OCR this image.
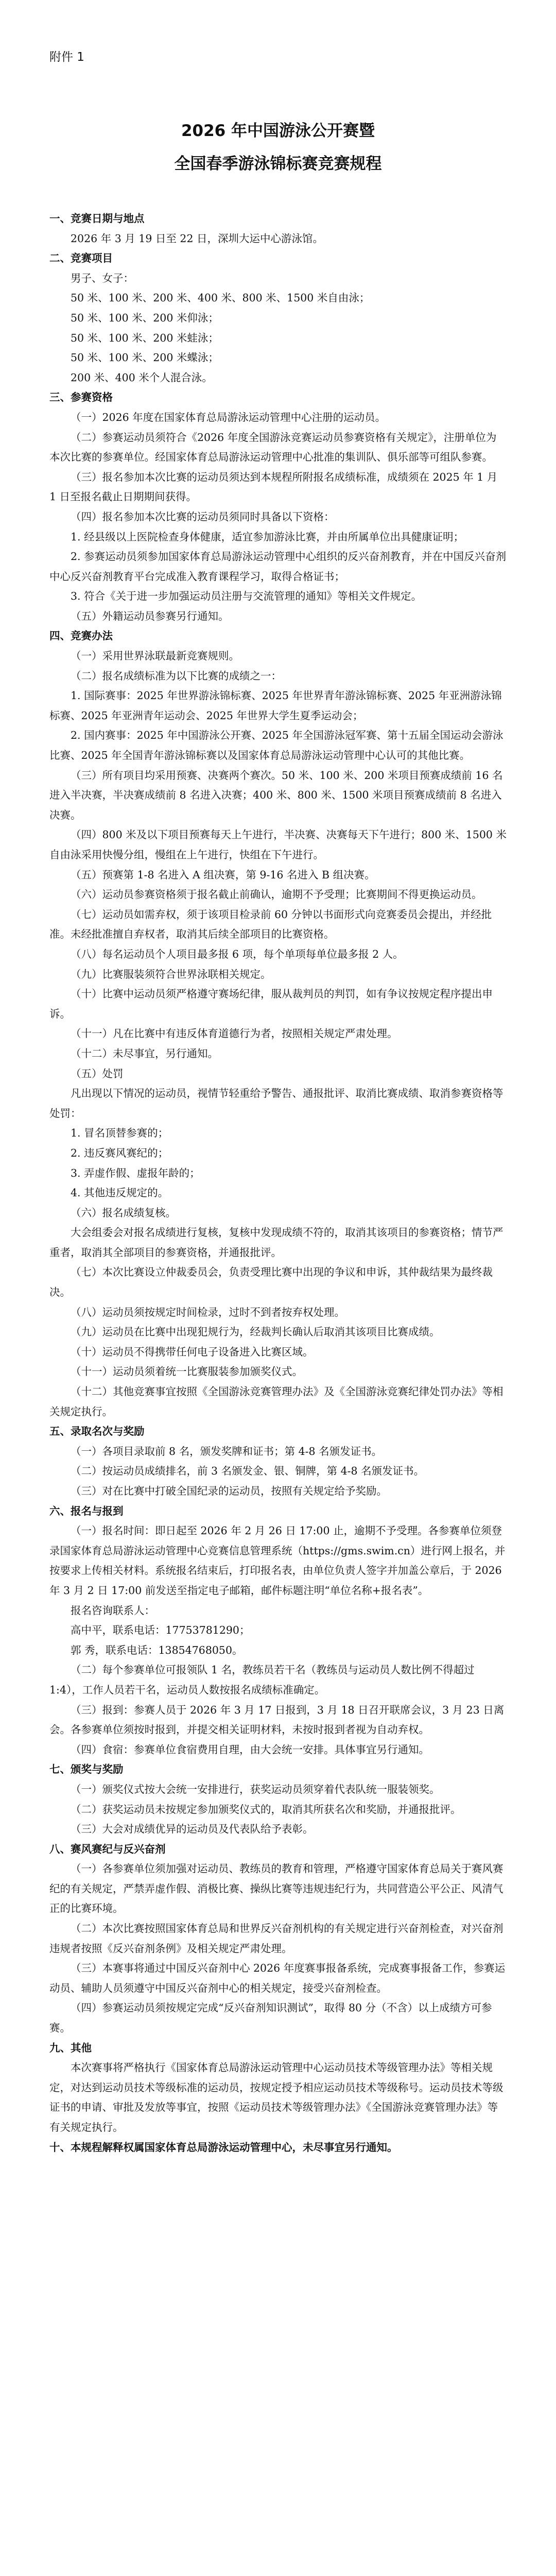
附件 1

2026 年中国游泳公开赛暨

全国春季游泳锦标赛竞赛规程

一、竞赛日期与地点

2026 年 3 月 19 日至 22 日，深圳大运中心游泳馆。

二、竞赛项目

男子、女子：

50 米、100 米、200 米、400 米、800 米、1500 米自由泳；

50 米、100 米、200 米仰泳；

50 米、100 米、200 米蛙泳；

50 米、100 米、200 米蝶泳；

200 米、400 米个人混合泳。

三、参赛资格

（一）2026 年度在国家体育总局游泳运动管理中心注册的运动员。

（二）参赛运动员须符合《2026 年度全国游泳竞赛运动员参赛资格有关规定》，注册单位为本次比赛的参赛单位。经国家体育总局游泳运动管理中心批准的集训队、俱乐部等可组队参赛。

（三）报名参加本次比赛的运动员须达到本规程所附报名成绩标准，成绩须在 2025 年 1 月 1 日至报名截止日期期间获得。

（四）报名参加本次比赛的运动员须同时具备以下资格：

1. 经县级以上医院检查身体健康，适宜参加游泳比赛，并由所属单位出具健康证明；

2. 参赛运动员须参加国家体育总局游泳运动管理中心组织的反兴奋剂教育，并在中国反兴奋剂中心反兴奋剂教育平台完成准入教育课程学习，取得合格证书；

3. 符合《关于进一步加强运动员注册与交流管理的通知》等相关文件规定。

（五）外籍运动员参赛另行通知。

四、竞赛办法

（一）采用世界泳联最新竞赛规则。

（二）报名成绩标准为以下比赛的成绩之一：

1. 国际赛事：2025 年世界游泳锦标赛、2025 年世界青年游泳锦标赛、2025 年亚洲游泳锦标赛、2025 年亚洲青年运动会、2025 年世界大学生夏季运动会；

2. 国内赛事：2025 年中国游泳公开赛、2025 年全国游泳冠军赛、第十五届全国运动会游泳比赛、2025 年全国青年游泳锦标赛以及国家体育总局游泳运动管理中心认可的其他比赛。

（三）所有项目均采用预赛、决赛两个赛次。50 米、100 米、200 米项目预赛成绩前 16 名进入半决赛，半决赛成绩前 8 名进入决赛；400 米、800 米、1500 米项目预赛成绩前 8 名进入决赛。

（四）800 米及以下项目预赛每天上午进行，半决赛、决赛每天下午进行；800 米、1500 米自由泳采用快慢分组，慢组在上午进行，快组在下午进行。

（五）预赛第 1-8 名进入 A 组决赛，第 9-16 名进入 B 组决赛。

（六）运动员参赛资格须于报名截止前确认，逾期不予受理；比赛期间不得更换运动员。

（七）运动员如需弃权，须于该项目检录前 60 分钟以书面形式向竞赛委员会提出，并经批准。未经批准擅自弃权者，取消其后续全部项目的比赛资格。

（八）每名运动员个人项目最多报 6 项，每个单项每单位最多报 2 人。

（九）比赛服装须符合世界泳联相关规定。

（十）比赛中运动员须严格遵守赛场纪律，服从裁判员的判罚，如有争议按规定程序提出申诉。

（十一）凡在比赛中有违反体育道德行为者，按照相关规定严肃处理。

（十二）未尽事宜，另行通知。

（五）处罚

凡出现以下情况的运动员，视情节轻重给予警告、通报批评、取消比赛成绩、取消参赛资格等处罚：

1. 冒名顶替参赛的；

2. 违反赛风赛纪的；

3. 弄虚作假、虚报年龄的；

4. 其他违反规定的。

（六）报名成绩复核。

大会组委会对报名成绩进行复核，复核中发现成绩不符的，取消其该项目的参赛资格；情节严重者，取消其全部项目的参赛资格，并通报批评。

（七）本次比赛设立仲裁委员会，负责受理比赛中出现的争议和申诉，其仲裁结果为最终裁决。

（八）运动员须按规定时间检录，过时不到者按弃权处理。

（九）运动员在比赛中出现犯规行为，经裁判长确认后取消其该项目比赛成绩。

（十）运动员不得携带任何电子设备进入比赛区域。

（十一）运动员须着统一比赛服装参加颁奖仪式。

（十二）其他竞赛事宜按照《全国游泳竞赛管理办法》及《全国游泳竞赛纪律处罚办法》等相关规定执行。

五、录取名次与奖励

（一）各项目录取前 8 名，颁发奖牌和证书；第 4-8 名颁发证书。

（二）按运动员成绩排名，前 3 名颁发金、银、铜牌，第 4-8 名颁发证书。

（三）对在比赛中打破全国纪录的运动员，按照有关规定给予奖励。

六、报名与报到

（一）报名时间：即日起至 2026 年 2 月 26 日 17:00 止，逾期不予受理。各参赛单位须登录国家体育总局游泳运动管理中心竞赛信息管理系统（https://gms.swim.cn）进行网上报名，并按要求上传相关材料。系统报名结束后，打印报名表，由单位负责人签字并加盖公章后，于 2026 年 3 月 2 日 17:00 前发送至指定电子邮箱，邮件标题注明“单位名称+报名表”。

报名咨询联系人：

高中平，联系电话：17753781290；

郭 秀，联系电话：13854768050。

（二）每个参赛单位可报领队 1 名，教练员若干名（教练员与运动员人数比例不得超过 1:4），工作人员若干名，运动员人数按报名成绩标准确定。

（三）报到：参赛人员于 2026 年 3 月 17 日报到，3 月 18 日召开联席会议，3 月 23 日离会。各参赛单位须按时报到，并提交相关证明材料，未按时报到者视为自动弃权。

（四）食宿：参赛单位食宿费用自理，由大会统一安排。具体事宜另行通知。

七、颁奖与奖励

（一）颁奖仪式按大会统一安排进行，获奖运动员须穿着代表队统一服装领奖。

（二）获奖运动员未按规定参加颁奖仪式的，取消其所获名次和奖励，并通报批评。

（三）大会对成绩优异的运动员及代表队给予表彰。

八、赛风赛纪与反兴奋剂

（一）各参赛单位须加强对运动员、教练员的教育和管理，严格遵守国家体育总局关于赛风赛纪的有关规定，严禁弄虚作假、消极比赛、操纵比赛等违规违纪行为，共同营造公平公正、风清气正的比赛环境。

（二）本次比赛按照国家体育总局和世界反兴奋剂机构的有关规定进行兴奋剂检查，对兴奋剂违规者按照《反兴奋剂条例》及相关规定严肃处理。

（三）本赛事将通过中国反兴奋剂中心 2026 年度赛事报备系统，完成赛事报备工作，参赛运动员、辅助人员须遵守中国反兴奋剂中心的相关规定，接受兴奋剂检查。

（四）参赛运动员须按规定完成“反兴奋剂知识测试”，取得 80 分（不含）以上成绩方可参赛。

九、其他

本次赛事将严格执行《国家体育总局游泳运动管理中心运动员技术等级管理办法》等相关规定，对达到运动员技术等级标准的运动员，按规定授予相应运动员技术等级称号。运动员技术等级证书的申请、审批及发放等事宜，按照《运动员技术等级管理办法》《全国游泳竞赛管理办法》等有关规定执行。

十、本规程解释权属国家体育总局游泳运动管理中心，未尽事宜另行通知。
